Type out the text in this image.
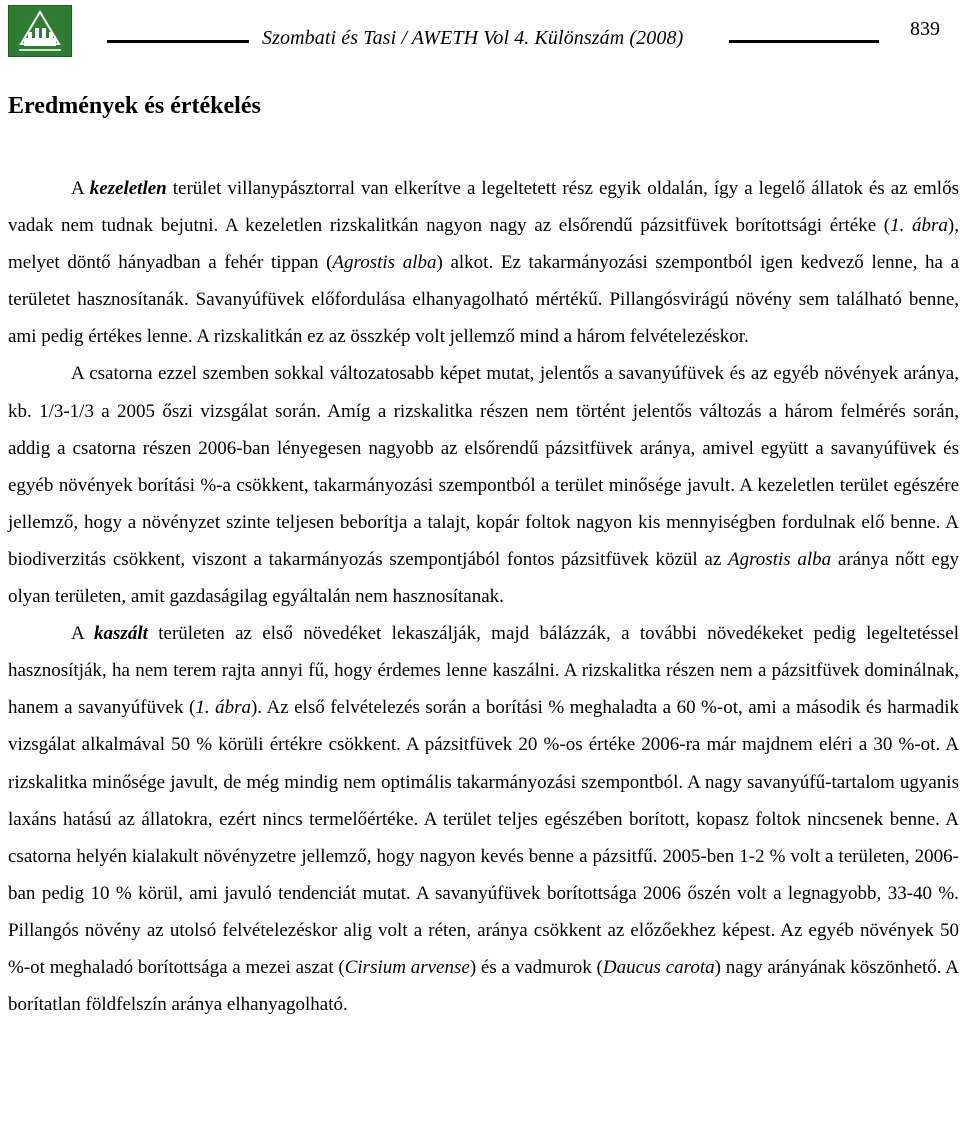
Szombati és Tasi / AWETH Vol 4. Különszám (2008)	839
Eredmények és értékelés

A kezeletlen terület villanypásztorral van elkerítve a legeltetett rész egyik oldalán, így a legelő állatok és az emlős vadak nem tudnak bejutni. A kezeletlen rizskalitkán nagyon nagy az elsőrendű pázsitfüvek borítottsági értéke (1. ábra), melyet döntő hányadban a fehér tippan (Agrostis alba) alkot. Ez takarmányozási szempontból igen kedvező lenne, ha a területet hasznosítanák. Savanyúfüvek előfordulása elhanyagolható mértékű. Pillangósvirágú növény sem található benne, ami pedig értékes lenne. A rizskalitkán ez az összkép volt jellemző mind a három felvételezéskor.

A csatorna ezzel szemben sokkal változatosabb képet mutat, jelentős a savanyúfüvek és az egyéb növények aránya, kb. 1/3-1/3 a 2005 őszi vizsgálat során. Amíg a rizskalitka részen nem történt jelentős változás a három felmérés során, addig a csatorna részen 2006-ban lényegesen nagyobb az elsőrendű pázsitfüvek aránya, amivel együtt a savanyúfüvek és egyéb növények borítási %-a csökkent, takarmányozási szempontból a terület minősége javult. A kezeletlen terület egészére jellemző, hogy a növényzet szinte teljesen beborítja a talajt, kopár foltok nagyon kis mennyiségben fordulnak elő benne. A biodiverzitás csökkent, viszont a takarmányozás szempontjából fontos pázsitfüvek közül az Agrostis alba aránya nőtt egy olyan területen, amit gazdaságilag egyáltalán nem hasznosítanak.

A kaszált területen az első növedéket lekaszálják, majd bálázzák, a további növedékeket pedig legeltetéssel hasznosítják, ha nem terem rajta annyi fű, hogy érdemes lenne kaszálni. A rizskalitka részen nem a pázsitfüvek dominálnak, hanem a savanyúfüvek (1. ábra). Az első felvételezés során a borítási % meghaladta a 60 %-ot, ami a második és harmadik vizsgálat alkalmával 50 % körüli értékre csökkent. A pázsitfüvek 20 %-os értéke 2006-ra már majdnem eléri a 30 %-ot. A rizskalitka minősége javult, de még mindig nem optimális takarmányozási szempontból. A nagy savanyúfű-tartalom ugyanis laxáns hatású az állatokra, ezért nincs termelőértéke. A terület teljes egészében borított, kopasz foltok nincsenek benne. A csatorna helyén kialakult növényzetre jellemző, hogy nagyon kevés benne a pázsitfű. 2005-ben 1-2 % volt a területen, 2006-ban pedig 10 % körül, ami javuló tendenciát mutat. A savanyúfüvek borítottsága 2006 őszén volt a legnagyobb, 33-40 %. Pillangós növény az utolsó felvételezéskor alig volt a réten, aránya csökkent az előzőekhez képest. Az egyéb növények 50 %-ot meghaladó borítottsága a mezei aszat (Cirsium arvense) és a vadmurok (Daucus carota) nagy arányának köszönhető. A borítatlan földfelszín aránya elhanyagolható.
